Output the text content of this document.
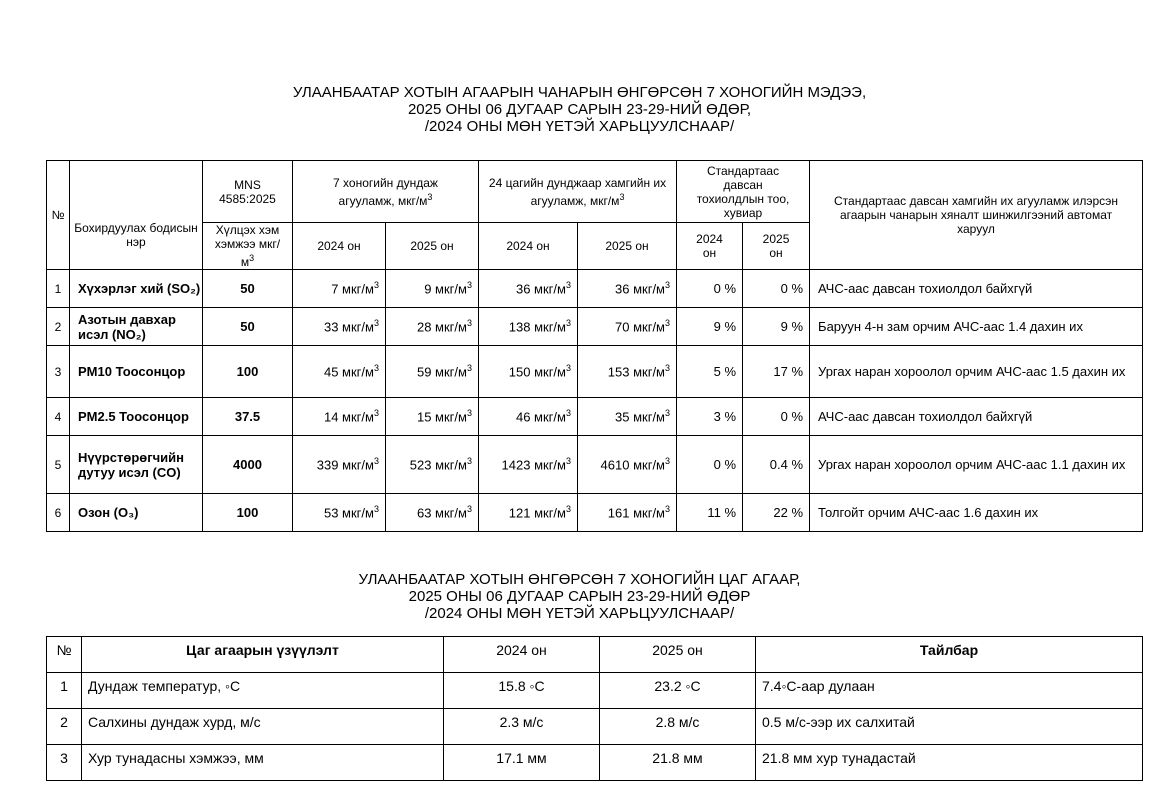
УЛААНБААТАР ХОТЫН АГААРЫН ЧАНАРЫН ӨНГӨРСӨН 7 ХОНОГИЙН МЭДЭЭ,
2025 ОНЫ 06 ДУГААР САРЫН 23-29-НИЙ ӨДӨР,
/2024 ОНЫ МӨН ҮЕТЭЙ ХАРЬЦУУЛСНААР/
№	Бохирдуулах бодисын нэр	MNS 4585:2025	7 хоногийн дундаж агууламж, мкг/$м^3$		24 цагийн дунджаар хамгийн их агууламж, мкг/$м^3$		Стандартаас давсан тохиолдлын тоо, хувиар		Стандартаас давсан хамгийн их агууламж илэрсэн агаарын чанарын хяналт шинжилгээний автомат харуул
		Хүлцэх хэм хэмжээ мкг/$м^3$	2024 он	2025 он	2024 он	2025 он	2024 он	2025 он	
1	Хүхэрлэг хий (SO₂)	50	7 мкг/$м^3$	9 мкг/$м^3$	36 мкг/$м^3$	36 мкг/$м^3$	0 %	0 %	АЧС-аас давсан тохиолдол байхгүй
2	Азотын давхар исэл (NO₂)	50	33 мкг/$м^3$	28 мкг/$м^3$	138 мкг/$м^3$	70 мкг/$м^3$	9 %	9 %	Баруун 4-н зам орчим АЧС-аас 1.4 дахин их
3	PM10 Тоосонцор	100	45 мкг/$м^3$	59 мкг/$м^3$	150 мкг/$м^3$	153 мкг/$м^3$	5 %	17 %	Ургах наран хороолол орчим АЧС-аас 1.5 дахин их
4	PM2.5 Тоосонцор	37.5	14 мкг/$м^3$	15 мкг/$м^3$	46 мкг/$м^3$	35 мкг/$м^3$	3 %	0 %	АЧС-аас давсан тохиолдол байхгүй
5	Нүүрстөрөгчийн дутуу исэл (CO)	4000	339 мкг/$м^3$	523 мкг/$м^3$	1423 мкг/$м^3$	4610 мкг/$м^3$	0 %	0.4 %	Ургах наран хороолол орчим АЧС-аас 1.1 дахин их
6	Озон (O₃)	100	53 мкг/$м^3$	63 мкг/$м^3$	121 мкг/$м^3$	161 мкг/$м^3$	11 %	22 %	Толгойт орчим АЧС-аас 1.6 дахин их
УЛААНБААТАР ХОТЫН ӨНГӨРСӨН 7 ХОНОГИЙН ЦАГ АГААР,
2025 ОНЫ 06 ДУГААР САРЫН 23-29-НИЙ ӨДӨР
/2024 ОНЫ МӨН ҮЕТЭЙ ХАРЬЦУУЛСНААР/
№	Цаг агаарын үзүүлэлт	2024 он	2025 он	Тайлбар
1	Дундаж температур, ◦С	15.8 ◦С	23.2 ◦С	7.4◦С-аар дулаан
2	Салхины дундаж хурд, м/с	2.3 м/с	2.8 м/с	0.5 м/с-ээр их салхитай
3	Хур тунадасны хэмжээ, мм	17.1 мм	21.8 мм	21.8 мм хур тунадастай
